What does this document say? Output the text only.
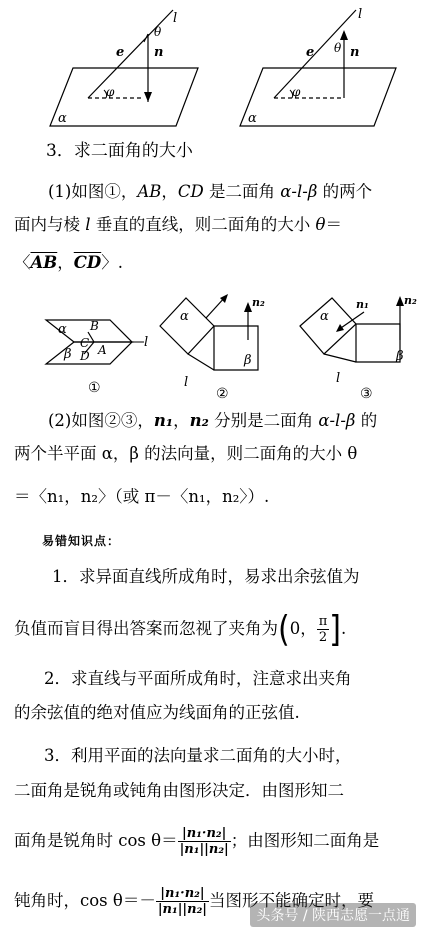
l
θ
e n
φ
α
l
θ
e	n
φ
α
3．求二面角的大小
(1)如图①，AB，CD 是二面角 α-l-β 的两个
面内与棱 l 垂直的直线，则二面角的大小 θ＝
〈$\overline{AB}$，$\overline{CD}$〉.
α B
C
β D A	l
①
α
n₂
β
l
②
α
n₁	n₂
β
l
③
(2)如图②③，n₁，n₂ 分别是二面角 α-l-β 的
两个半平面 α，β 的法向量，则二面角的大小 θ
＝〈n₁，n₂〉（或 π－〈n₁，n₂〉）.
易错知识点：
1．求异面直线所成角时，易求出余弦值为
负值而盲目得出答案而忽视了夹角为(0， $\frac{\pi}{2}$ ].
2．求直线与平面所成角时，注意求出夹角
的余弦值的绝对值应为线面角的正弦值.
3．利用平面的法向量求二面角的大小时，
二面角是锐角或钝角由图形决定．由图形知二
面角是锐角时 $\cos \theta= \frac{\text{|n₁·n₂|}}{\text{|n₁||n₂|}}$ ；由图形知二面角是
钝角时，$\cos \theta=- \frac{\text{|n₁·n₂|}}{\text{|n₁||n₂|}}$ 当图形不能确定时，要
头条号 / 陕西志愿一点通
